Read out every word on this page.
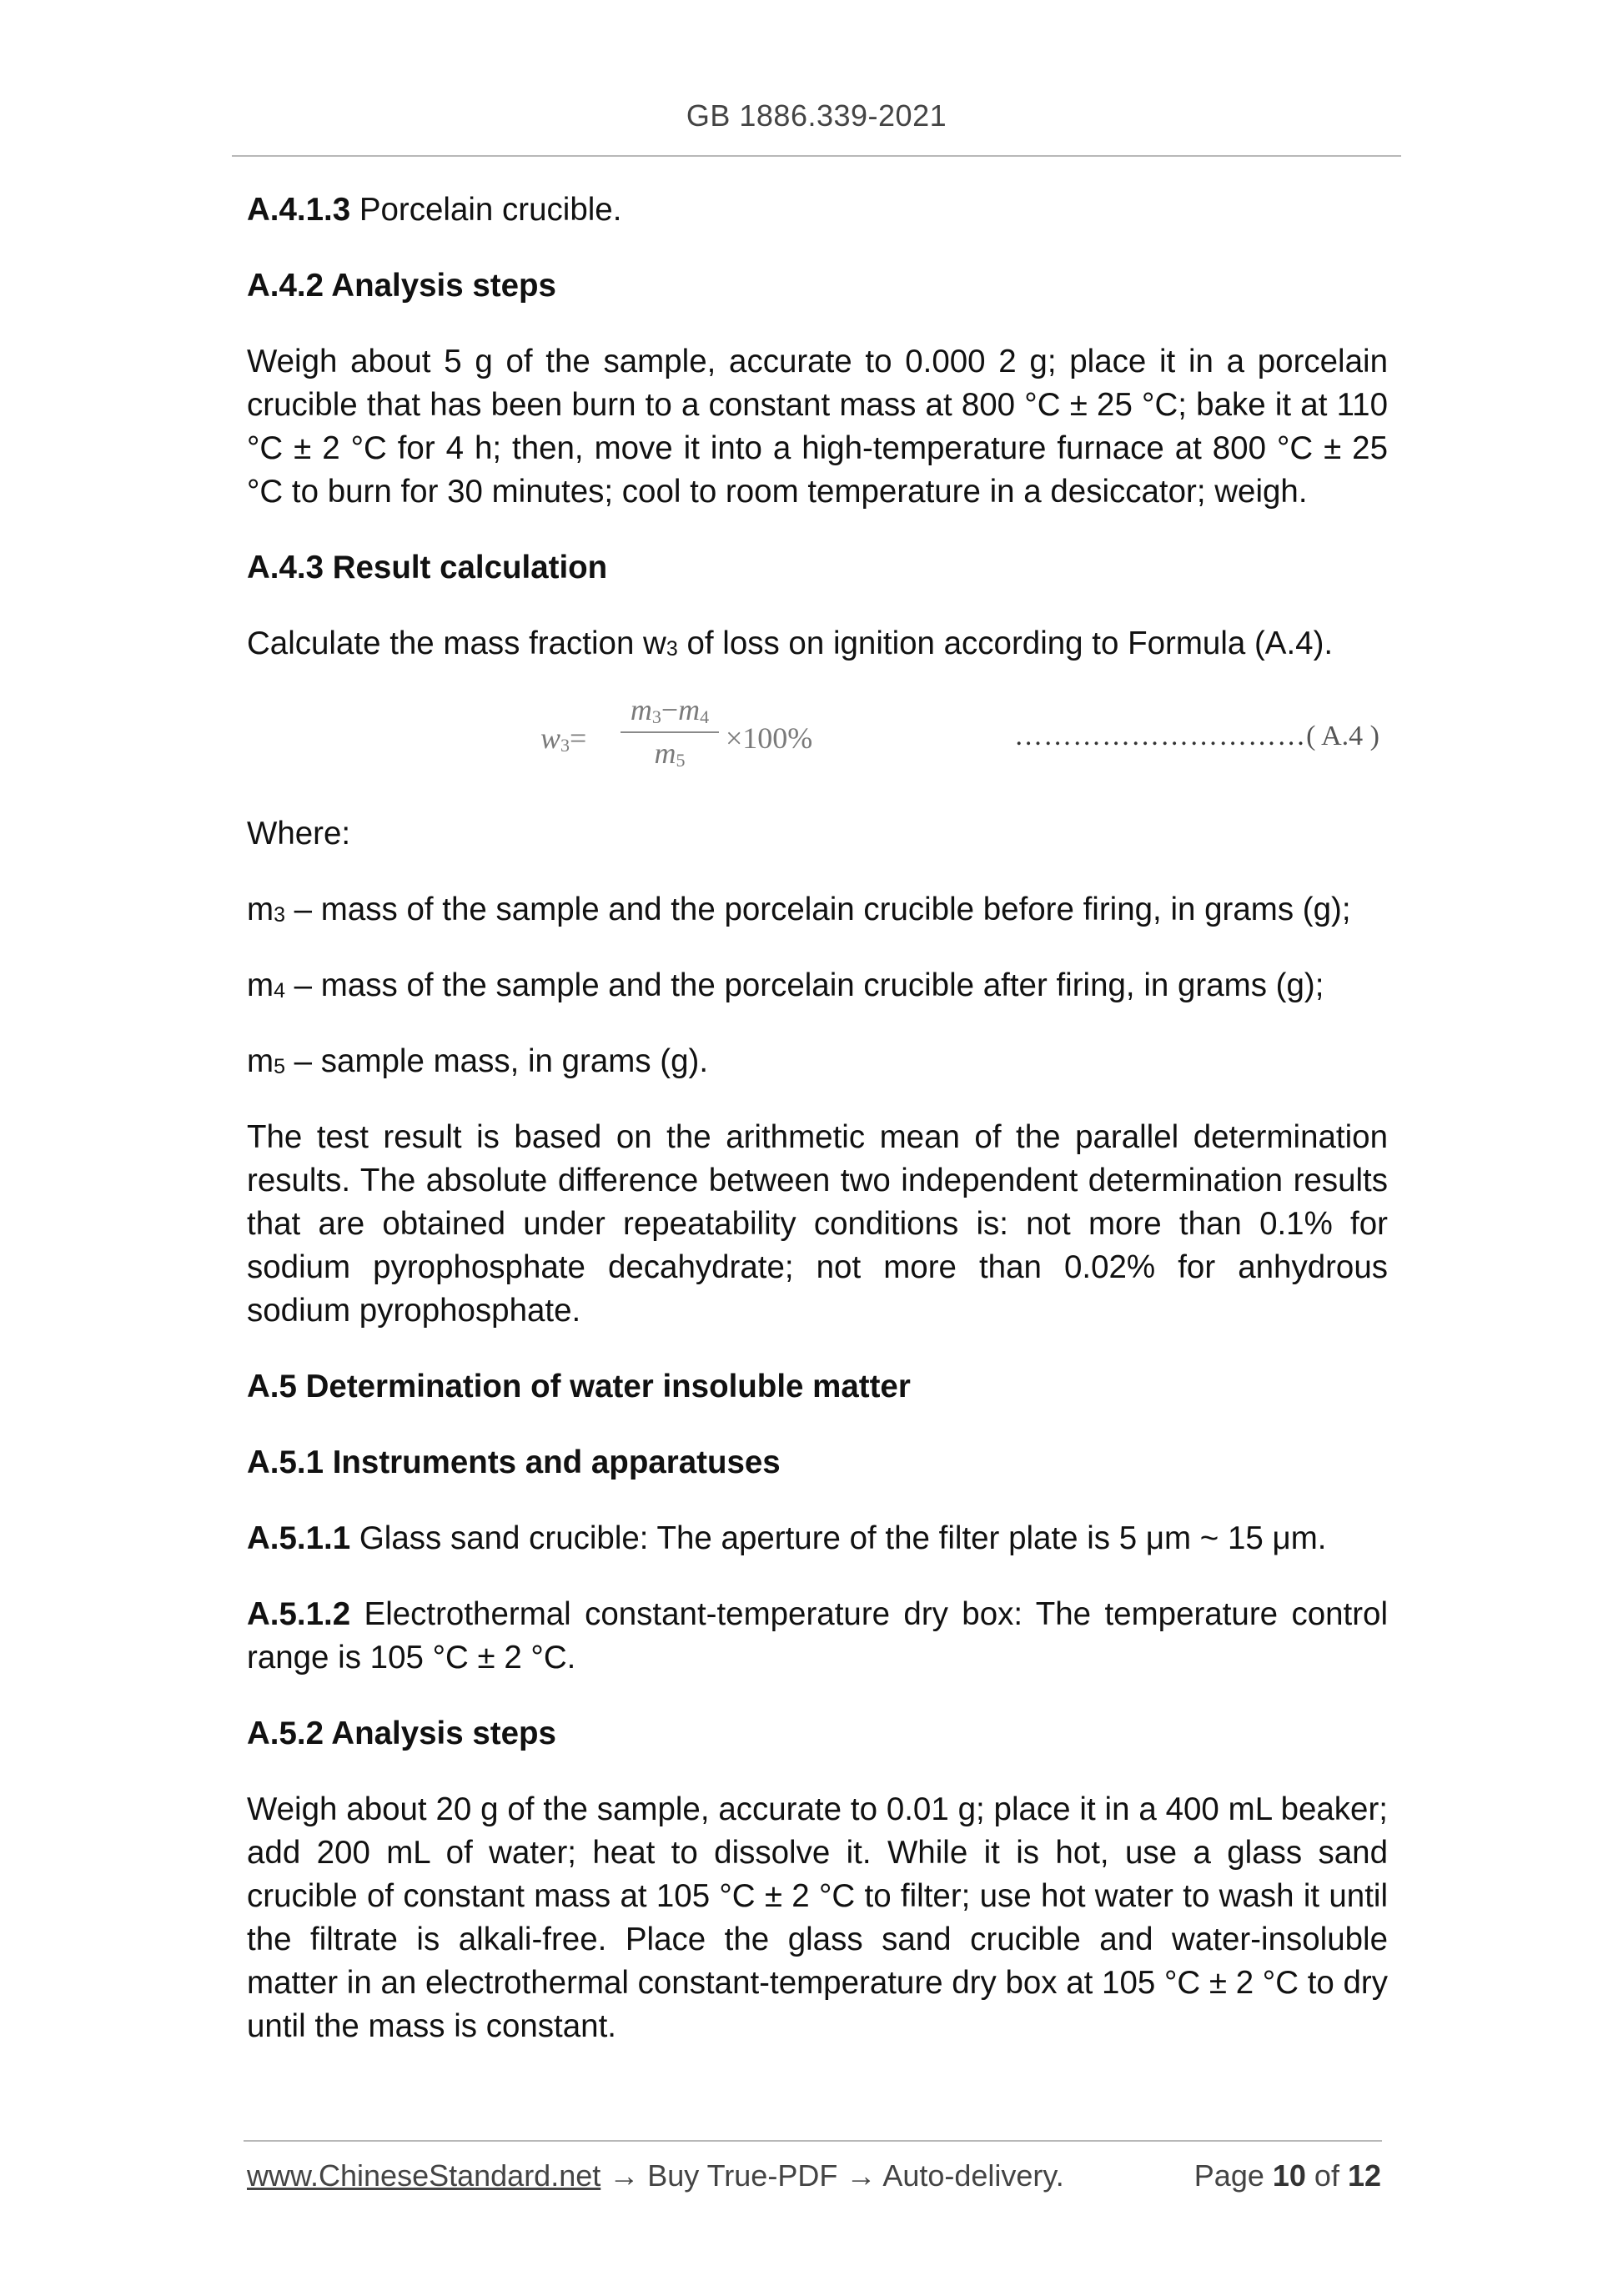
GB 1886.339-2021

A.4.1.3 Porcelain crucible.

A.4.2 Analysis steps

Weigh about 5 g of the sample, accurate to 0.000 2 g; place it in a porcelain crucible that has been burn to a constant mass at 800 °C ± 25 °C; bake it at 110 °C ± 2 °C for 4 h; then, move it into a high-temperature furnace at 800 °C ± 25 °C to burn for 30 minutes; cool to room temperature in a desiccator; weigh.

A.4.3 Result calculation

Calculate the mass fraction $w_3$ of loss on ignition according to Formula (A.4).

w3=
m3−m4
m5
×100%	…………………………( A.4 )

Where:

$m_3$ – mass of the sample and the porcelain crucible before firing, in grams (g);

$m_4$ – mass of the sample and the porcelain crucible after firing, in grams (g);

$m_5$ – sample mass, in grams (g).

The test result is based on the arithmetic mean of the parallel determination results. The absolute difference between two independent determination results that are obtained under repeatability conditions is: not more than 0.1% for sodium pyrophosphate decahydrate; not more than 0.02% for anhydrous sodium pyrophosphate.

A.5 Determination of water insoluble matter
A.5.1 Instruments and apparatuses

A.5.1.1 Glass sand crucible: The aperture of the filter plate is 5 μm ~ 15 μm.

A.5.1.2 Electrothermal constant-temperature dry box: The temperature control range is 105 °C ± 2 °C.

A.5.2 Analysis steps

Weigh about 20 g of the sample, accurate to 0.01 g; place it in a 400 mL beaker; add 200 mL of water; heat to dissolve it. While it is hot, use a glass sand crucible of constant mass at 105 °C ± 2 °C to filter; use hot water to wash it until the filtrate is alkali-free. Place the glass sand crucible and water-insoluble matter in an electrothermal constant-temperature dry box at 105 °C ± 2 °C to dry until the mass is constant.

www.ChineseStandard.net → Buy True-PDF → Auto-delivery.	Page 10 of 12
